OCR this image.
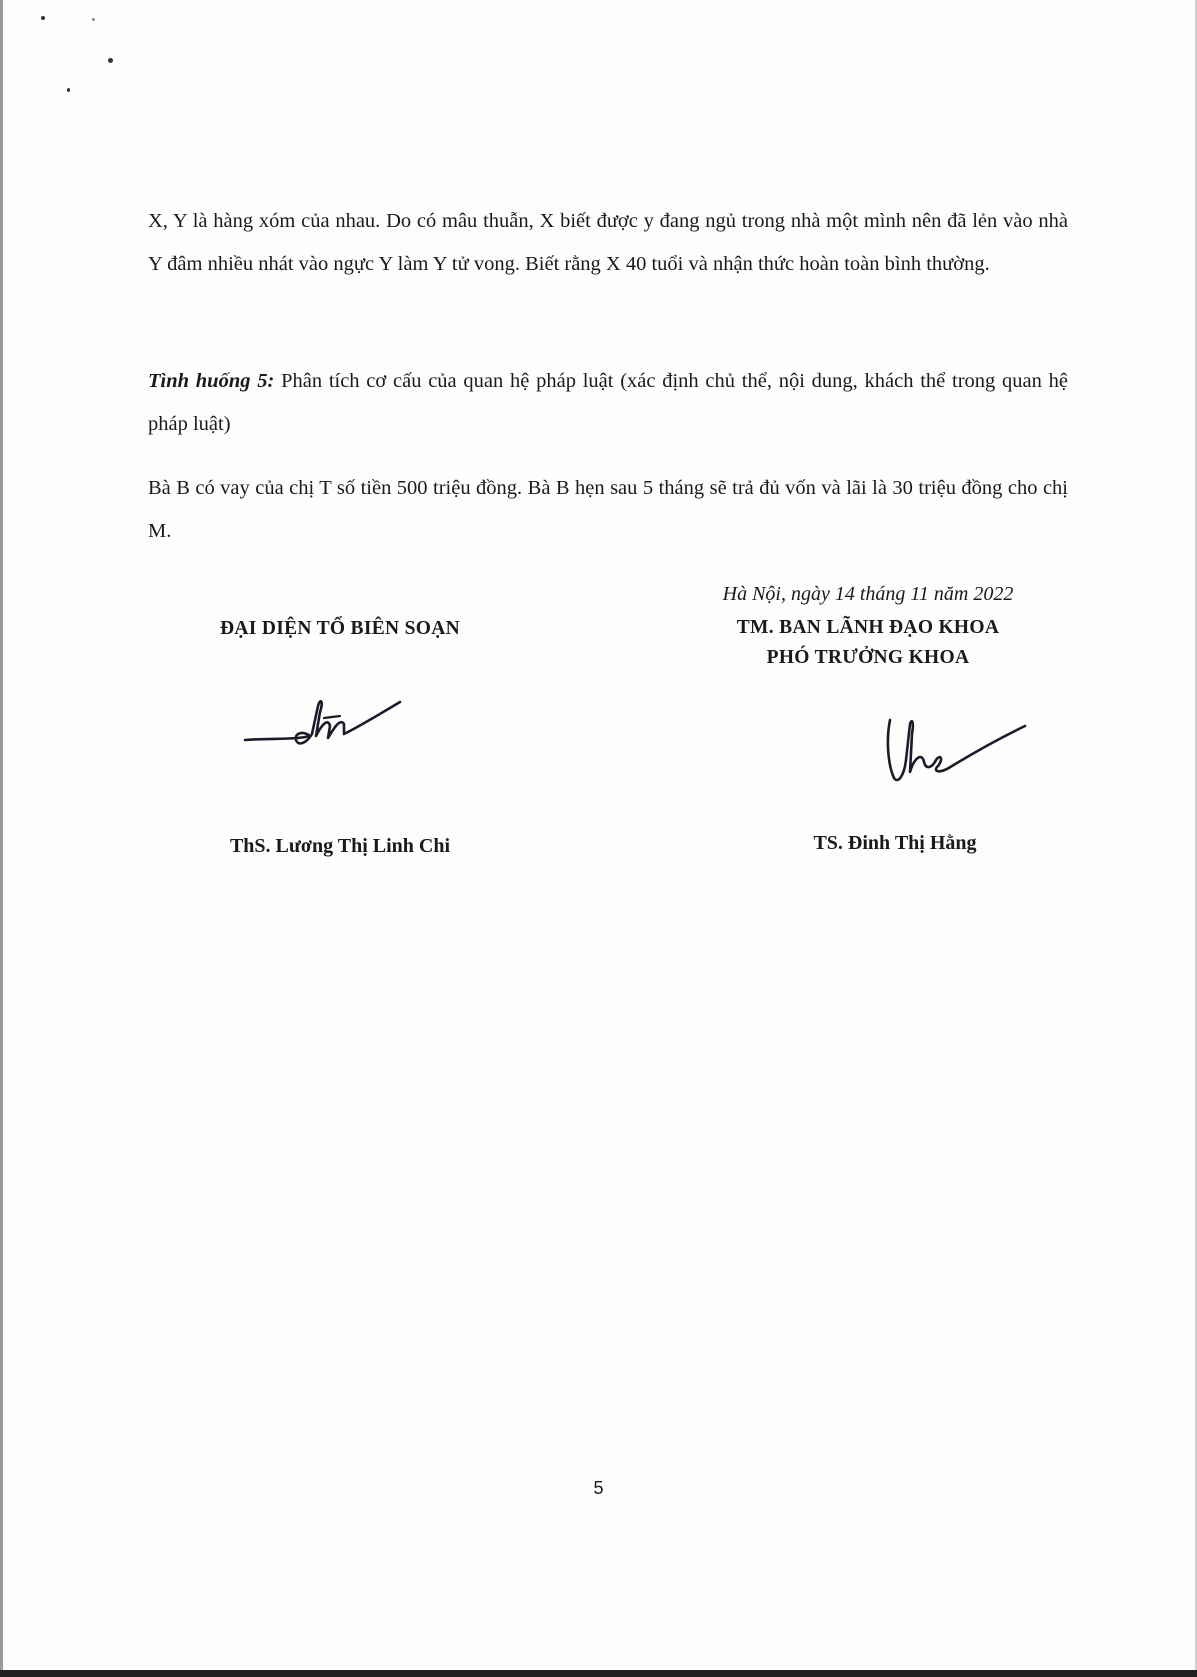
X, Y là hàng xóm của nhau. Do có mâu thuẫn, X biết được y đang ngủ trong nhà một mình nên đã lẻn vào nhà Y đâm nhiều nhát vào ngực Y làm Y tử vong. Biết rằng X 40 tuổi và nhận thức hoàn toàn bình thường.

Tình huống 5: Phân tích cơ cấu của quan hệ pháp luật (xác định chủ thể, nội dung, khách thể trong quan hệ pháp luật)

Bà B có vay của chị T số tiền 500 triệu đồng. Bà B hẹn sau 5 tháng sẽ trả đủ vốn và lãi là 30 triệu đồng cho chị M.

Hà Nội, ngày 14 tháng 11 năm 2022
ĐẠI DIỆN TỔ BIÊN SOẠN	TM. BAN LÃNH ĐẠO KHOA
PHÓ TRƯỞNG KHOA
ThS. Lương Thị Linh Chi	TS. Đinh Thị Hằng
5
